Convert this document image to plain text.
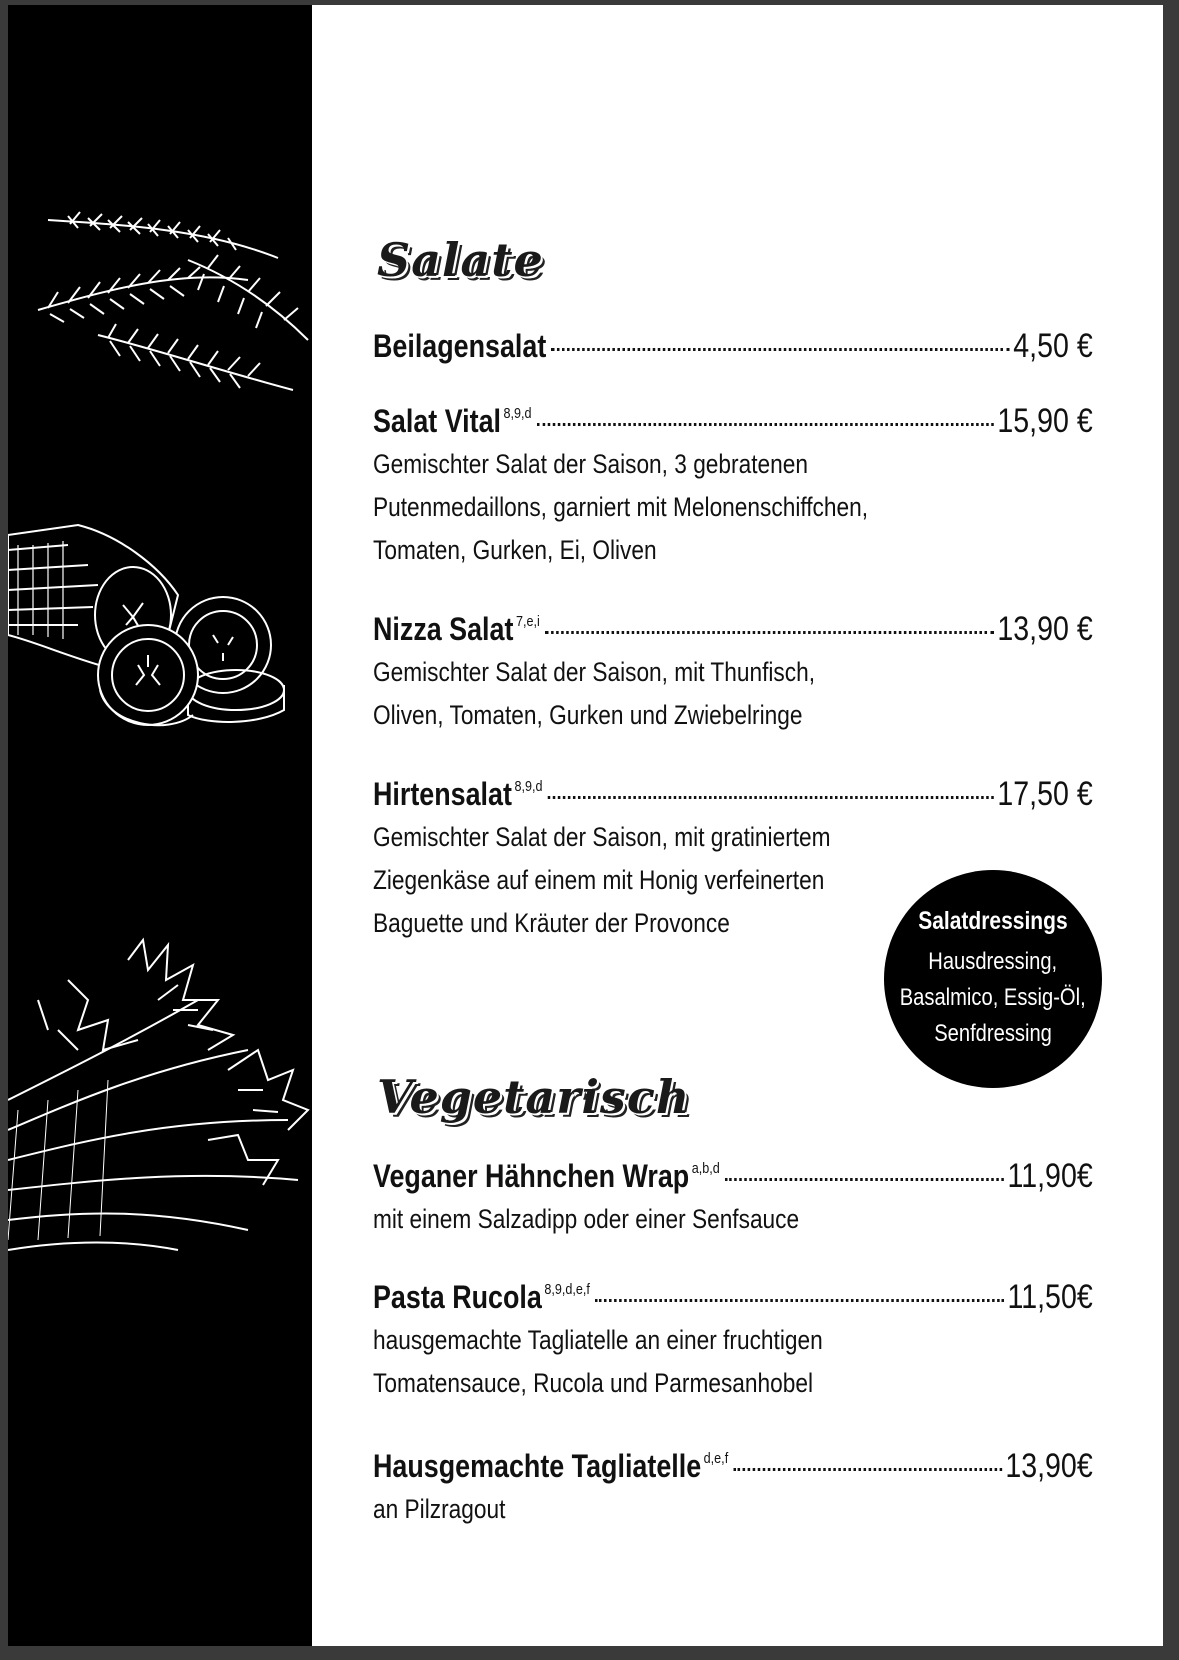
Salate
Beilagensalat	4,50 €
Salat Vital 8,9,d	15,90 €
Gemischter Salat der Saison, 3 gebratenen
Putenmedaillons, garniert mit Melonenschiffchen,
Tomaten, Gurken, Ei, Oliven
Nizza Salat 7,e,i	13,90 €
Gemischter Salat der Saison, mit Thunfisch,
Oliven, Tomaten, Gurken und Zwiebelringe
Hirtensalat 8,9,d	17,50 €
Gemischter Salat der Saison, mit gratiniertem
Ziegenkäse auf einem mit Honig verfeinerten
Baguette und Kräuter der Provonce	Salatdressings
Hausdressing,
Basalmico, Essig-Öl,
Senfdressing
Vegetarisch
Veganer Hähnchen Wrap a,b,d	11,90€
mit einem Salzadipp oder einer Senfsauce
Pasta Rucola 8,9,d,e,f	11,50€
hausgemachte Tagliatelle an einer fruchtigen
Tomatensauce, Rucola und Parmesanhobel
Hausgemachte Tagliatelle d,e,f	13,90€
an Pilzragout
